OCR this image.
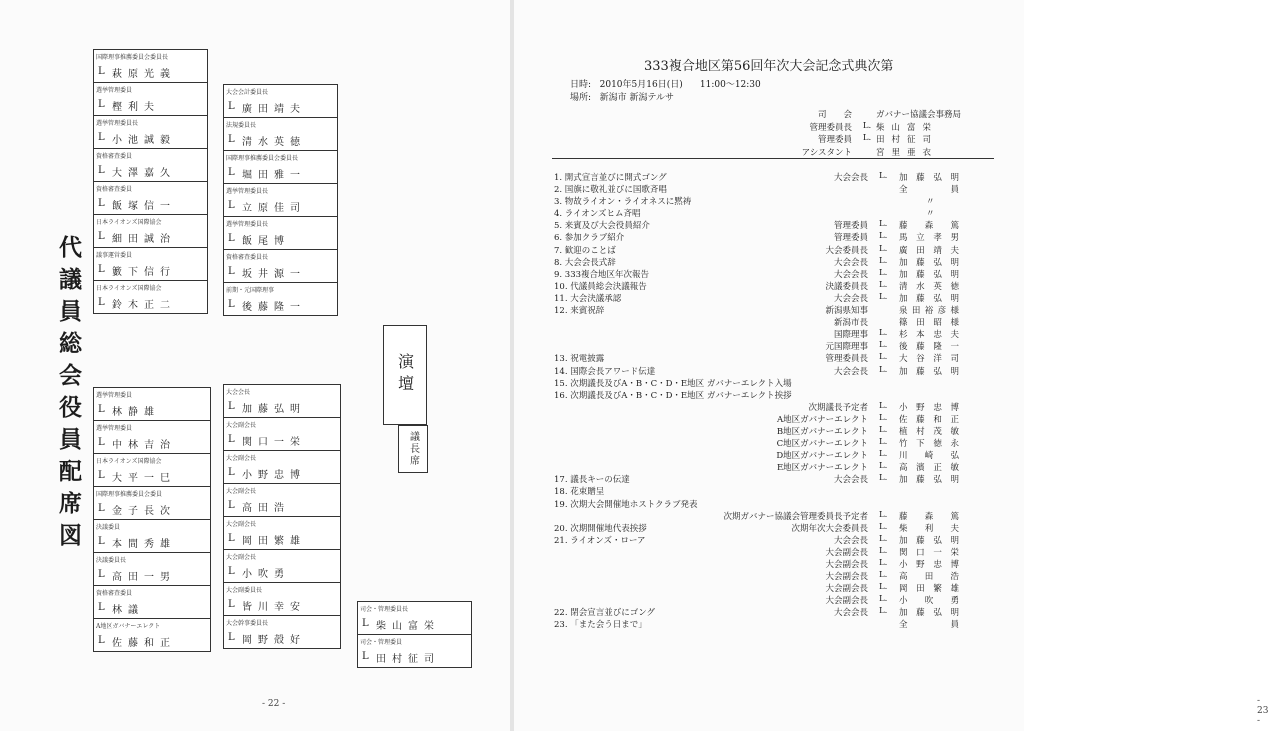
代議員総会役員配席図
国際理事推薦委員会委員長
L 萩原光義
選挙管理委員
L 樫利夫
選挙管理委員長
L 小池誠毅
資格審査委員
L 大澤嘉久
資格審査委員
L 飯塚信一
日本ライオンズ国際協会
L 細田誠治
議事運営委員
L 籔下信行
日本ライオンズ国際協会
L 鈴木正二
大会会計委員長
L 廣田靖夫
法規委員長
L 清水英徳
国際理事推薦委員会委員長
L 堀田雅一
選挙管理委員長
L 立原佳司
選挙管理委員長
L 飯尾博
資格審査委員長
L 坂井源一
前期・元国際理事
L 後藤隆一
選挙管理委員
L 林静雄
選挙管理委員
L 中林吉治
日本ライオンズ国際協会
L 大平一巳
国際理事推薦委員会委員
L 金子長次
決議委員
L 本間秀雄
決議委員長
L 高田一男
資格審査委員
L 林議
A地区ガバナーエレクト
L 佐藤和正
大会会長
L 加藤弘明
大会副会長
L 関口一栄
大会副会長
L 小野忠博
大会副会長
L 高田浩
大会副会長
L 岡田繁雄
大会副会長
L 小吹勇
大会副委員長
L 皆川幸安
大会幹事委員長
L 岡野殻好
司会・管理委員長
L 柴山富栄
司会・管理委員
L 田村征司
演壇
議長席
- 22 -
333複合地区第56回年次大会記念式典次第
日時:   2010年5月16日(日)      11:00～12:30
場所:   新潟市 新潟テルサ
司　　会	ガバナー協議会事務局
管理委員長	L. 柴山富栄
管理委員	L. 田村征司
アシスタント	宮里亜衣
1. 開式宣言並びに開式ゴング	大会会長 L. 加藤弘明
2. 国旗に敬礼並びに国歌斉唱	全員
3. 物故ライオン・ライオネスに黙祷	〃
4. ライオンズヒム斉唱	〃
5. 来賓及び大会役員紹介	管理委員 L. 藤森篤
6. 参加クラブ紹介	管理委員 L. 馬立孝男
7. 歓迎のことば	大会委員長 L. 廣田靖夫
8. 大会会長式辞	大会会長 L. 加藤弘明
9. 333複合地区年次報告	大会会長 L. 加藤弘明
10. 代議員総会決議報告	決議委員長 L. 清水英徳
11. 大会決議承認	大会会長 L. 加藤弘明
12. 来賓祝辞	新潟県知事	泉田裕彦様
新潟市長	篠田昭様
国際理事 L. 杉本忠夫
元国際理事 L. 後藤隆一
13. 祝電披露	管理委員長 L. 大谷洋司
14. 国際会長アワード伝達	大会会長 L. 加藤弘明
15. 次期議長及びA・B・C・D・E地区 ガバナーエレクト入場
16. 次期議長及びA・B・C・D・E地区 ガバナーエレクト挨拶
次期議長予定者 L. 小野忠博
A地区ガバナーエレクト L. 佐藤和正
B地区ガバナーエレクト L. 植村茂敏
C地区ガバナーエレクト L. 竹下徳永
D地区ガバナーエレクト L. 川崎弘
E地区ガバナーエレクト L. 高濱正敏
17. 議長キーの伝達	大会会長 L. 加藤弘明
18. 花束贈呈
19. 次期大会開催地ホストクラブ発表
次期ガバナー協議会管理委員長予定者 L. 藤森篤
20. 次期開催地代表挨拶	次期年次大会委員長 L. 柴利夫
21. ライオンズ・ローア	大会会長 L. 加藤弘明
大会副会長 L. 関口一栄
大会副会長 L. 小野忠博
大会副会長 L. 高田浩
大会副会長 L. 岡田繁雄
大会副会長 L. 小吹勇
22. 閉会宣言並びにゴング	大会会長 L. 加藤弘明
23. 「また会う日まで」	全員
- 23 -
